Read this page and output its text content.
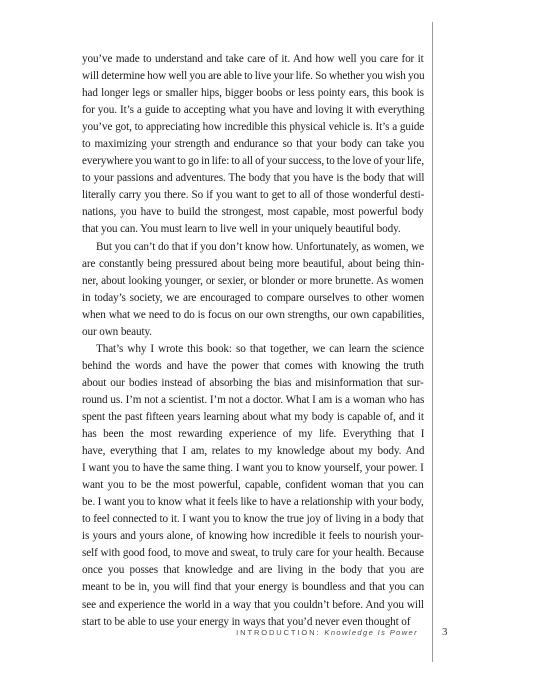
you’ve made to understand and take care of it. And how well you care for it
will determine how well you are able to live your life. So whether you wish you
had longer legs or smaller hips, bigger boobs or less pointy ears, this book is
for you. It’s a guide to accepting what you have and loving it with everything
you’ve got, to appreciating how incredible this physical vehicle is. It’s a guide
to maximizing your strength and endurance so that your body can take you
everywhere you want to go in life: to all of your success, to the love of your life,
to your passions and adventures. The body that you have is the body that will
literally carry you there. So if you want to get to all of those wonderful desti-
nations, you have to build the strongest, most capable, most powerful body
that you can. You must learn to live well in your uniquely beautiful body.
But you can’t do that if you don’t know how. Unfortunately, as women, we
are constantly being pressured about being more beautiful, about being thin-
ner, about looking younger, or sexier, or blonder or more brunette. As women
in today’s society, we are encouraged to compare ourselves to other women
when what we need to do is focus on our own strengths, our own capabilities,
our own beauty.
That’s why I wrote this book: so that together, we can learn the science
behind the words and have the power that comes with knowing the truth
about our bodies instead of absorbing the bias and misinformation that sur-
round us. I’m not a scientist. I’m not a doctor. What I am is a woman who has
spent the past fifteen years learning about what my body is capable of, and it
has been the most rewarding experience of my life. Everything that I
have, everything that I am, relates to my knowledge about my body. And
I want you to have the same thing. I want you to know yourself, your power. I
want you to be the most powerful, capable, confident woman that you can
be. I want you to know what it feels like to have a relationship with your body,
to feel connected to it. I want you to know the true joy of living in a body that
is yours and yours alone, of knowing how incredible it feels to nourish your-
self with good food, to move and sweat, to truly care for your health. Because
once you posses that knowledge and are living in the body that you are
meant to be in, you will find that your energy is boundless and that you can
see and experience the world in a way that you couldn’t before. And you will
start to be able to use your energy in ways that you’d never even thought of
INTRODUCTION: Knowledge Is Power 3
